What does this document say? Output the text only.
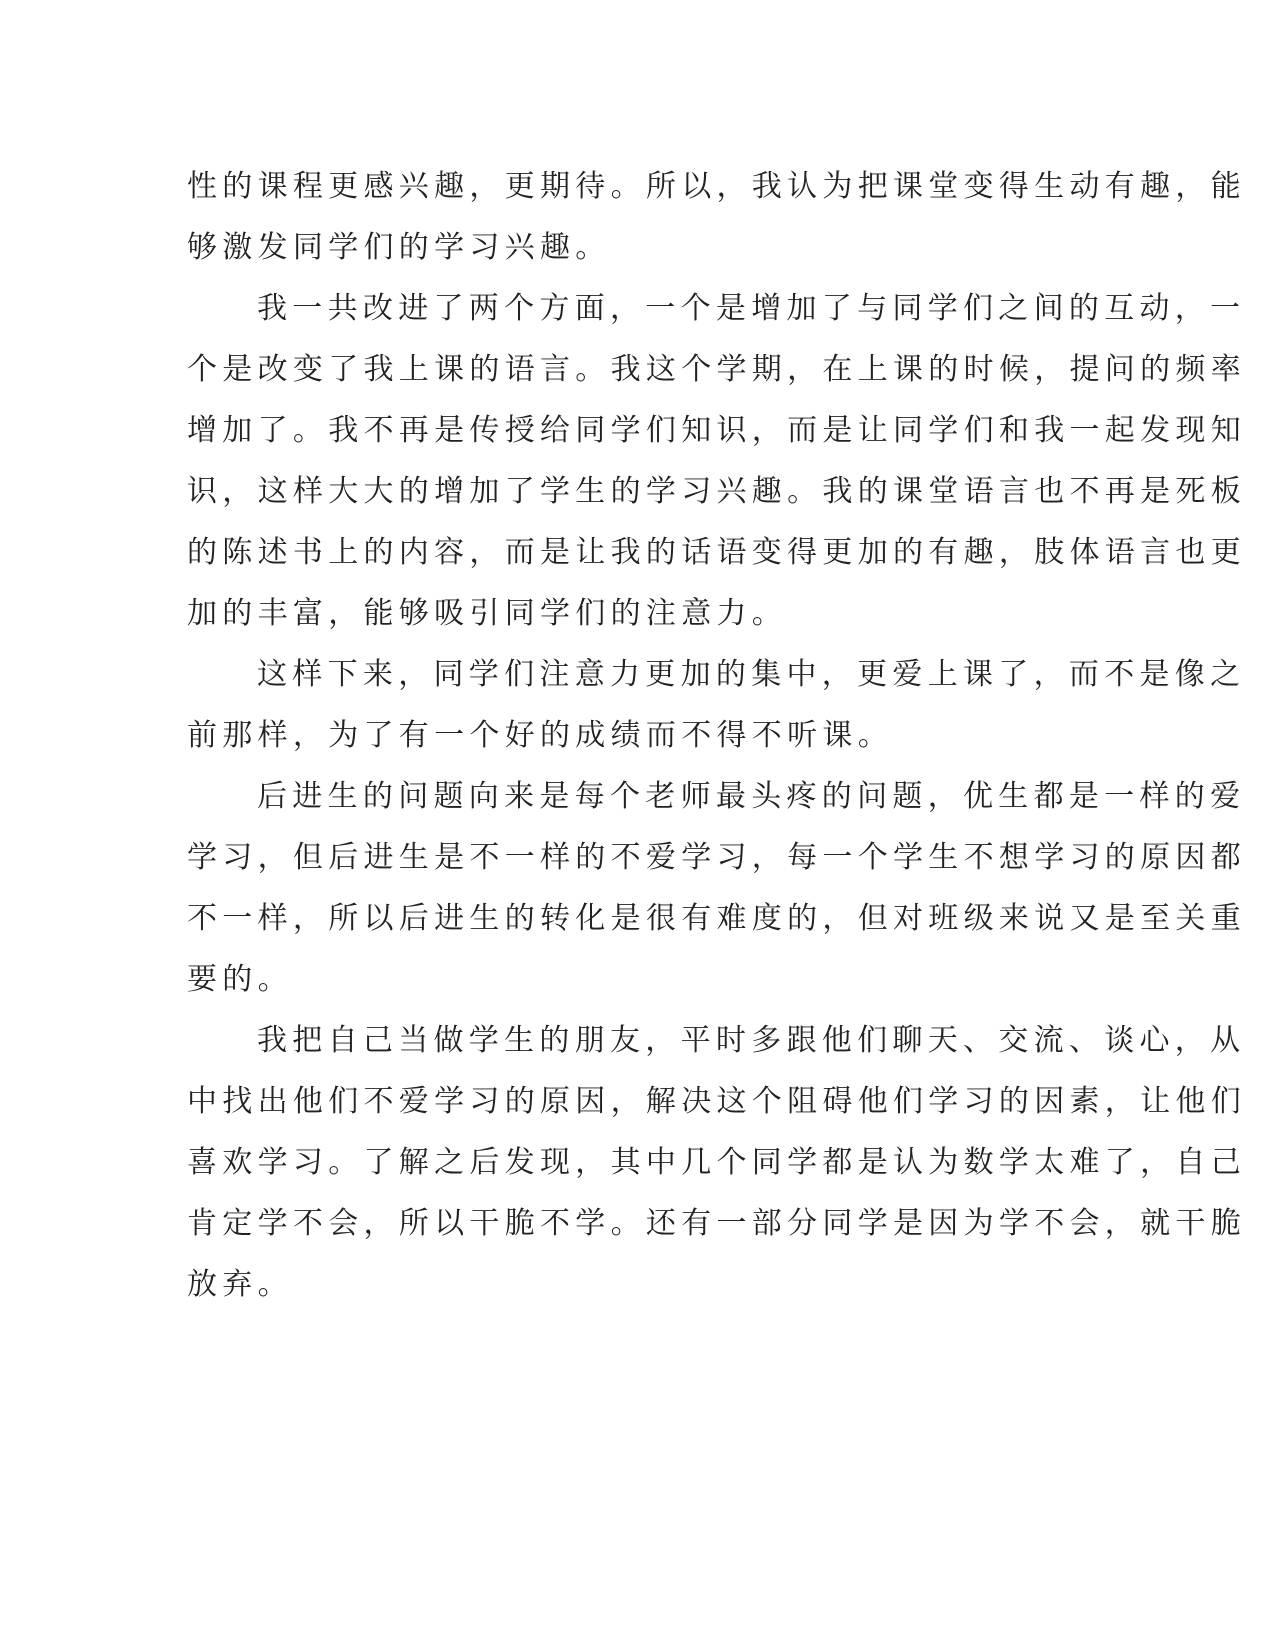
性的课程更感兴趣，更期待。所以，我认为把课堂变得生动有趣，能
够激发同学们的学习兴趣。
我一共改进了两个方面，一个是增加了与同学们之间的互动，一
个是改变了我上课的语言。我这个学期，在上课的时候，提问的频率
增加了。我不再是传授给同学们知识，而是让同学们和我一起发现知
识，这样大大的增加了学生的学习兴趣。我的课堂语言也不再是死板
的陈述书上的内容，而是让我的话语变得更加的有趣，肢体语言也更
加的丰富，能够吸引同学们的注意力。
这样下来，同学们注意力更加的集中，更爱上课了，而不是像之
前那样，为了有一个好的成绩而不得不听课。
后进生的问题向来是每个老师最头疼的问题，优生都是一样的爱
学习，但后进生是不一样的不爱学习，每一个学生不想学习的原因都
不一样，所以后进生的转化是很有难度的，但对班级来说又是至关重
要的。
我把自己当做学生的朋友，平时多跟他们聊天、交流、谈心，从
中找出他们不爱学习的原因，解决这个阻碍他们学习的因素，让他们
喜欢学习。了解之后发现，其中几个同学都是认为数学太难了，自己
肯定学不会，所以干脆不学。还有一部分同学是因为学不会，就干脆
放弃。
